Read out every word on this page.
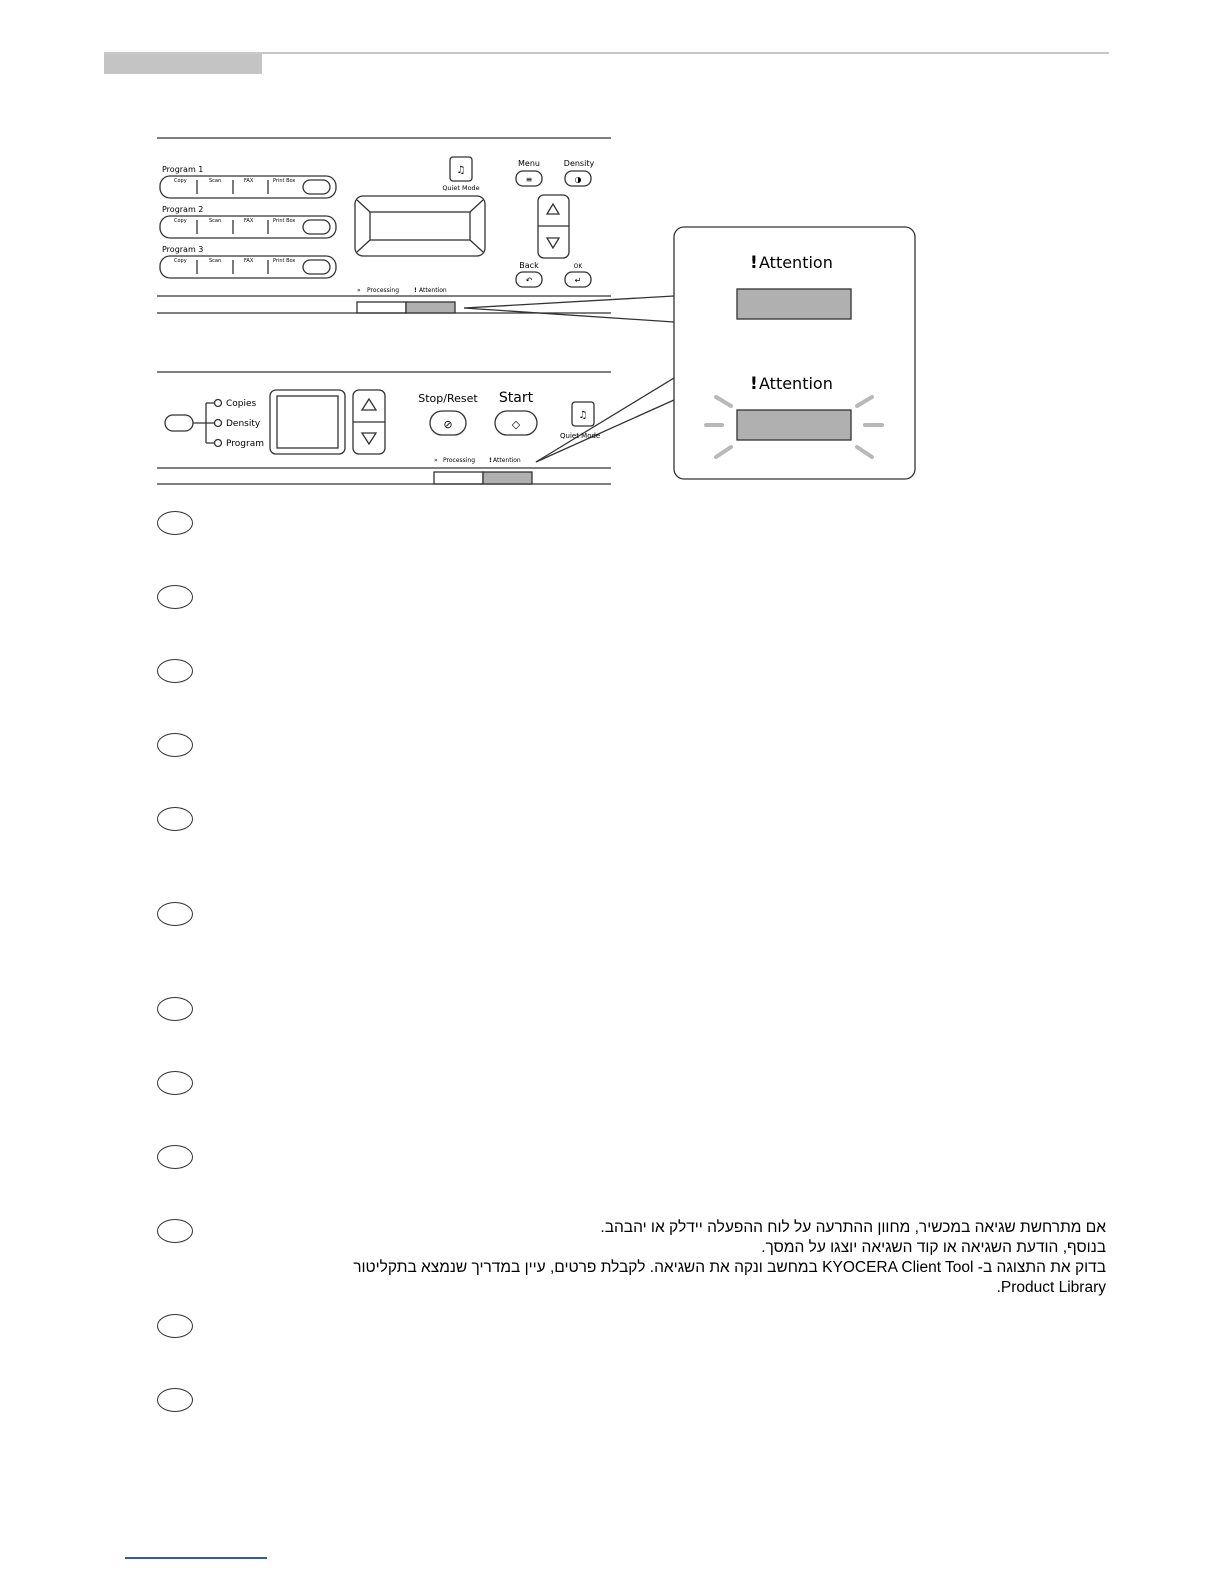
Program 1
Copy	Scan	FAX	Print Box
Program 2
Copy	Scan	FAX	Print Box
Program 3
Copy	Scan	FAX	Print Box
♫
Quiet Mode
Menu
≡
Density
◑
Back
↶
OK
↵
» Processing ! Attention
Copies
Density
Program
Stop/Reset
⊘
Start
◇
♫
Quiet Mode
» Processing ! Attention
! Attention
! Attention

אם מתרחשת שגיאה במכשיר, מחוון ההתרעה על לוח ההפעלה יידלק או יהבהב.

בנוסף, הודעת השגיאה או קוד השגיאה יוצגו על המסך.

בדוק את התצוגה ב- KYOCERA Client Tool במחשב ונקה את השגיאה. לקבלת פרטים, עיין במדריך שנמצא בתקליטור Product Library.
